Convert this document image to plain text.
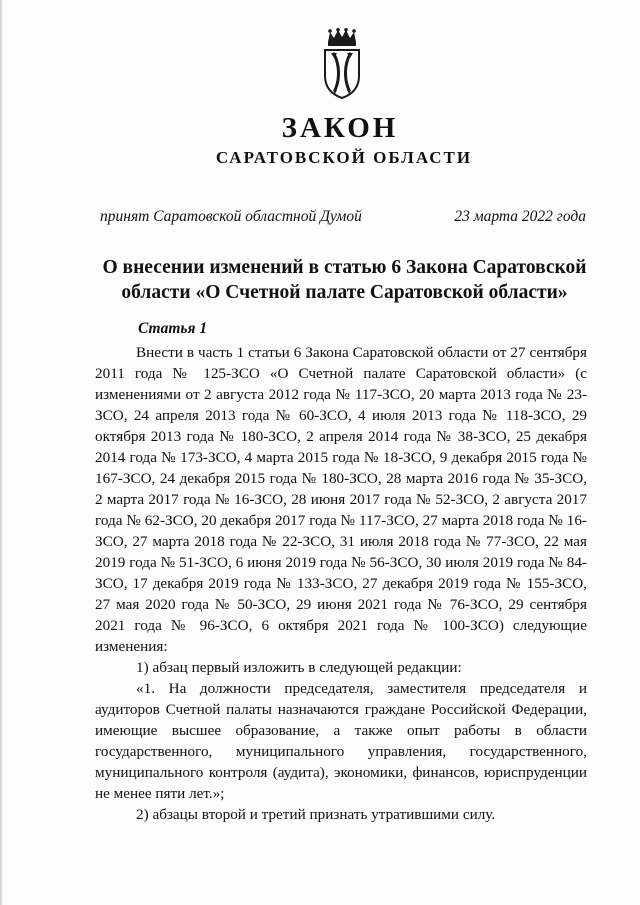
ЗАКОН
САРАТОВСКОЙ ОБЛАСТИ
принят Саратовской областной Думой	23 марта 2022 года
О внесении изменений в статью 6 Закона Саратовской области «О Счетной палате Саратовской области»
Статья 1

Внести в часть 1 статьи 6 Закона Саратовской области от 27 сентября 2011 года № 125-ЗСО «О Счетной палате Саратовской области» (с изменениями от 2 августа 2012 года № 117-ЗСО, 20 марта 2013 года № 23-ЗСО, 24 апреля 2013 года № 60-ЗСО, 4 июля 2013 года № 118-ЗСО, 29 октября 2013 года № 180-ЗСО, 2 апреля 2014 года № 38-ЗСО, 25 декабря 2014 года № 173-ЗСО, 4 марта 2015 года № 18-ЗСО, 9 декабря 2015 года № 167-ЗСО, 24 декабря 2015 года № 180-ЗСО, 28 марта 2016 года № 35-ЗСО, 2 марта 2017 года № 16-ЗСО, 28 июня 2017 года № 52-ЗСО, 2 августа 2017 года № 62-ЗСО, 20 декабря 2017 года № 117-ЗСО, 27 марта 2018 года № 16-ЗСО, 27 марта 2018 года № 22-ЗСО, 31 июля 2018 года № 77-ЗСО, 22 мая 2019 года № 51-ЗСО, 6 июня 2019 года № 56-ЗСО, 30 июля 2019 года № 84-ЗСО, 17 декабря 2019 года № 133-ЗСО, 27 декабря 2019 года № 155-ЗСО, 27 мая 2020 года № 50-ЗСО, 29 июня 2021 года № 76-ЗСО, 29 сентября 2021 года № 96-ЗСО, 6 октября 2021 года № 100-ЗСО) следующие изменения:

1) абзац первый изложить в следующей редакции:

«1. На должности председателя, заместителя председателя и аудиторов Счетной палаты назначаются граждане Российской Федерации, имеющие высшее образование, а также опыт работы в области государственного, муниципального управления, государственного, муниципального контроля (аудита), экономики, финансов, юриспруденции не менее пяти лет.»;

2) абзацы второй и третий признать утратившими силу.
